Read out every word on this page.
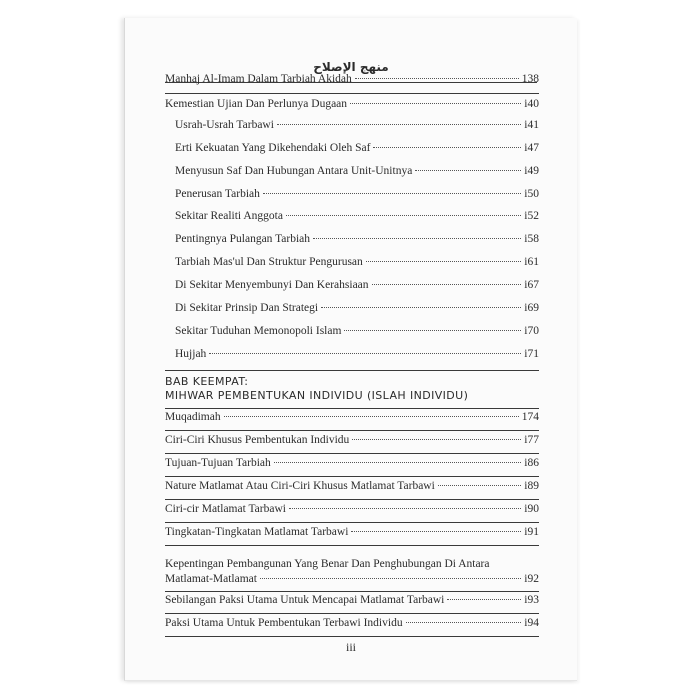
منهج الإصلاح
Manhaj Al-Imam Dalam Tarbiah Akidah	138
Kemestian Ujian Dan Perlunya Dugaan	i40
Usrah-Usrah Tarbawi	i41
Erti Kekuatan Yang Dikehendaki Oleh Saf	i47
Menyusun Saf Dan Hubungan Antara Unit-Unitnya	i49
Penerusan Tarbiah	i50
Sekitar Realiti Anggota	i52
Pentingnya Pulangan Tarbiah	i58
Tarbiah Mas'ul Dan Struktur Pengurusan	i61
Di Sekitar Menyembunyi Dan Kerahsiaan	i67
Di Sekitar Prinsip Dan Strategi	i69
Sekitar Tuduhan Memonopoli Islam	i70
Hujjah	i71
BAB KEEMPAT:
MIHWAR PEMBENTUKAN INDIVIDU (ISLAH INDIVIDU)
Muqadimah	174
Ciri-Ciri Khusus Pembentukan Individu	i77
Tujuan-Tujuan Tarbiah	i86
Nature Matlamat Atau Ciri-Ciri Khusus Matlamat Tarbawi	i89
Ciri-cir Matlamat Tarbawi	i90
Tingkatan-Tingkatan Matlamat Tarbawi	i91
Kepentingan Pembangunan Yang Benar Dan Penghubungan Di Antara
Matlamat-Matlamat	i92
Sebilangan Paksi Utama Untuk Mencapai Matlamat Tarbawi	i93
Paksi Utama Untuk Pembentukan Terbawi Individu	i94
iii
